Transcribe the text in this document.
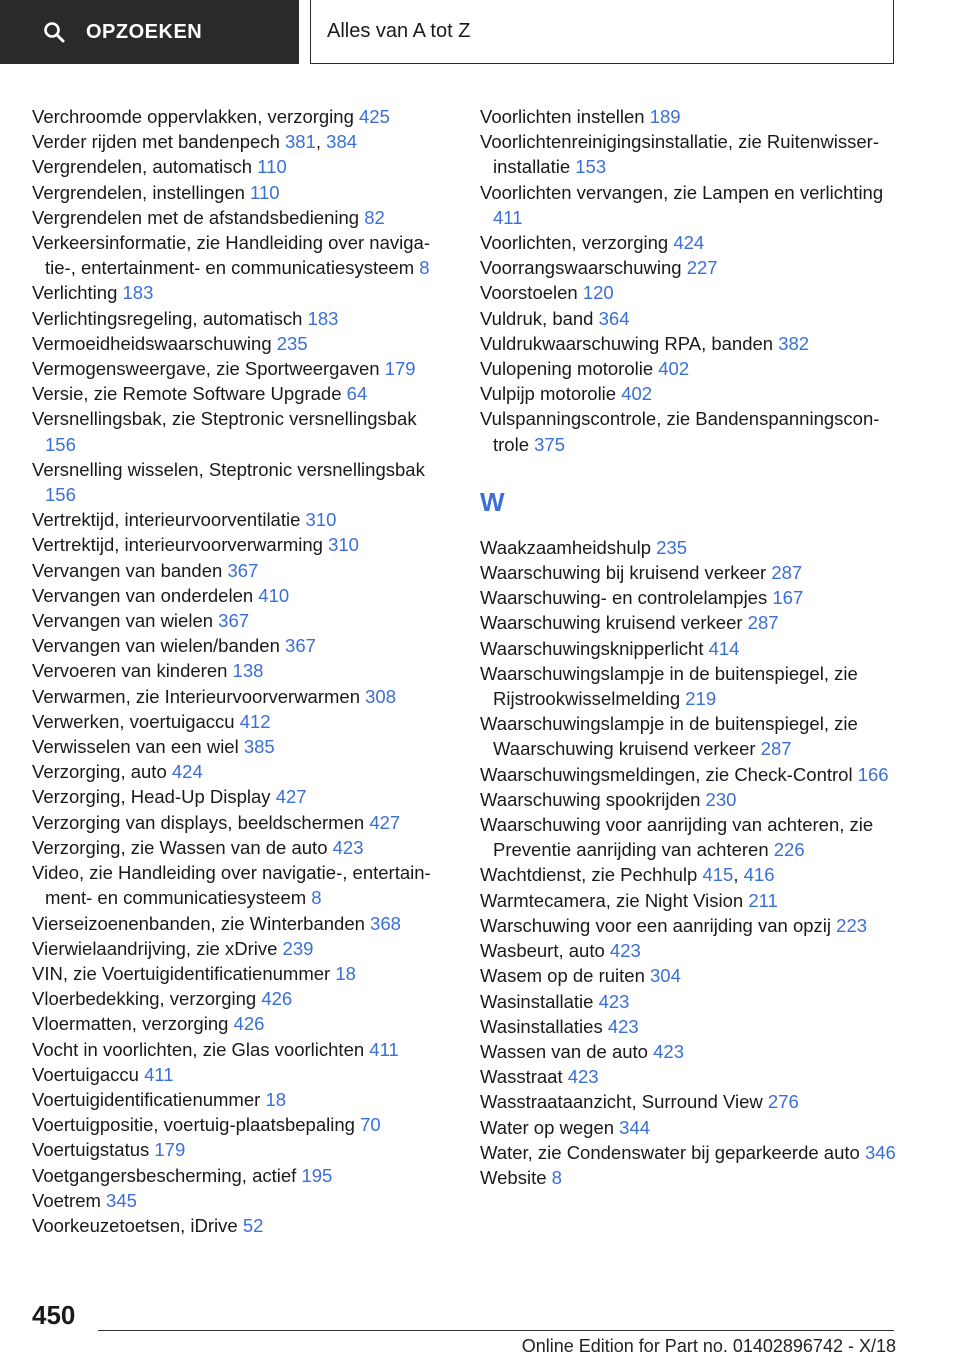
OPZOEKEN	Alles van A tot Z
Verchroomde oppervlakken, verzorging 425
Verder rijden met bandenpech 381, 384
Vergrendelen, automatisch 110
Vergrendelen, instellingen 110
Vergrendelen met de afstandsbediening 82
Verkeersinformatie, zie Handleiding over navigatie-, entertainment- en communicatiesysteem 8
Verlichting 183
Verlichtingsregeling, automatisch 183
Vermoeidheidswaarschuwing 235
Vermogensweergave, zie Sportweergaven 179
Versie, zie Remote Software Upgrade 64
Versnellingsbak, zie Steptronic versnellingsbak 156
Versnelling wisselen, Steptronic versnellingsbak 156
Vertrektijd, interieurvoorventilatie 310
Vertrektijd, interieurvoorverwarming 310
Vervangen van banden 367
Vervangen van onderdelen 410
Vervangen van wielen 367
Vervangen van wielen/banden 367
Vervoeren van kinderen 138
Verwarmen, zie Interieurvoorverwarmen 308
Verwerken, voertuigaccu 412
Verwisselen van een wiel 385
Verzorging, auto 424
Verzorging, Head-Up Display 427
Verzorging van displays, beeldschermen 427
Verzorging, zie Wassen van de auto 423
Video, zie Handleiding over navigatie-, entertainment- en communicatiesysteem 8
Vierseizoenenbanden, zie Winterbanden 368
Vierwielaandrijving, zie xDrive 239
VIN, zie Voertuigidentificatienummer 18
Vloerbedekking, verzorging 426
Vloermatten, verzorging 426
Vocht in voorlichten, zie Glas voorlichten 411
Voertuigaccu 411
Voertuigidentificatienummer 18
Voertuigpositie, voertuig-plaatsbepaling 70
Voertuigstatus 179
Voetgangersbescherming, actief 195
Voetrem 345
Voorkeuzetoetsen, iDrive 52
Voorlichten instellen 189
Voorlichtenreinigingsinstallatie, zie Ruitenwisserinstallatie 153
Voorlichten vervangen, zie Lampen en verlichting 411
Voorlichten, verzorging 424
Voorrangswaarschuwing 227
Voorstoelen 120
Vuldruk, band 364
Vuldrukwaarschuwing RPA, banden 382
Vulopening motorolie 402
Vulpijp motorolie 402
Vulspanningscontrole, zie Bandenspanningscontrole 375
W
Waakzaamheidshulp 235
Waarschuwing bij kruisend verkeer 287
Waarschuwing- en controlelampjes 167
Waarschuwing kruisend verkeer 287
Waarschuwingsknipperlicht 414
Waarschuwingslampje in de buitenspiegel, zie Rijstrookwisselmelding 219
Waarschuwingslampje in de buitenspiegel, zie Waarschuwing kruisend verkeer 287
Waarschuwingsmeldingen, zie Check-Control 166
Waarschuwing spookrijden 230
Waarschuwing voor aanrijding van achteren, zie Preventie aanrijding van achteren 226
Wachtdienst, zie Pechhulp 415, 416
Warmtecamera, zie Night Vision 211
Warschuwing voor een aanrijding van opzij 223
Wasbeurt, auto 423
Wasem op de ruiten 304
Wasinstallatie 423
Wasinstallaties 423
Wassen van de auto 423
Wasstraat 423
Wasstraataanzicht, Surround View 276
Water op wegen 344
Water, zie Condenswater bij geparkeerde auto 346
Website 8
450
Online Edition for Part no. 01402896742 - X/18
